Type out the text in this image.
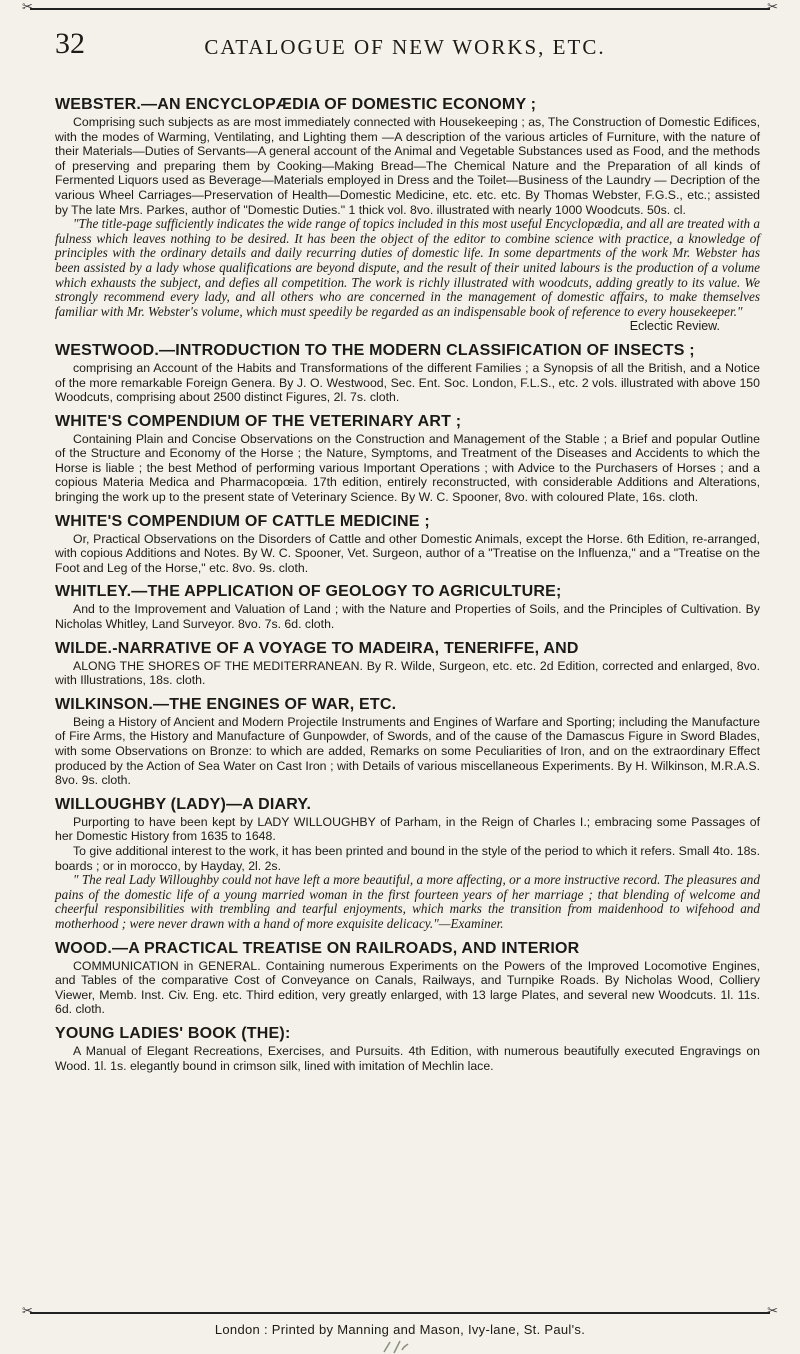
✂	✂
32	CATALOGUE OF NEW WORKS, ETC.
WEBSTER.—AN ENCYCLOPÆDIA OF DOMESTIC ECONOMY ;
Comprising such subjects as are most immediately connected with Housekeeping ; as, The Construction of Domestic Edifices, with the modes of Warming, Ventilating, and Lighting them —A description of the various articles of Furniture, with the nature of their Materials—Duties of Servants—A general account of the Animal and Vegetable Substances used as Food, and the methods of preserving and preparing them by Cooking—Making Bread—The Chemical Nature and the Preparation of all kinds of Fermented Liquors used as Beverage—Materials employed in Dress and the Toilet—Business of the Laundry — Decription of the various Wheel Carriages—Preservation of Health—Domestic Medicine, etc. etc. etc. By Thomas Webster, F.G.S., etc.; assisted by The late Mrs. Parkes, author of "Domestic Duties." 1 thick vol. 8vo. illustrated with nearly 1000 Woodcuts. 50s. cl.
"The title-page sufficiently indicates the wide range of topics included in this most useful Encyclopædia, and all are treated with a fulness which leaves nothing to be desired. It has been the object of the editor to combine science with practice, a knowledge of principles with the ordinary details and daily recurring duties of domestic life. In some departments of the work Mr. Webster has been assisted by a lady whose qualifications are beyond dispute, and the result of their united labours is the production of a volume which exhausts the subject, and defies all competition. The work is richly illustrated with woodcuts, adding greatly to its value. We strongly recommend every lady, and all others who are concerned in the management of domestic affairs, to make themselves familiar with Mr. Webster's volume, which must speedily be regarded as an indispensable book of reference to every housekeeper."
Eclectic Review.
WESTWOOD.—INTRODUCTION TO THE MODERN CLASSIFICATION OF INSECTS ;
comprising an Account of the Habits and Transformations of the different Families ; a Synopsis of all the British, and a Notice of the more remarkable Foreign Genera. By J. O. Westwood, Sec. Ent. Soc. London, F.L.S., etc. 2 vols. illustrated with above 150 Woodcuts, comprising about 2500 distinct Figures, 2l. 7s. cloth.
WHITE'S COMPENDIUM OF THE VETERINARY ART ;
Containing Plain and Concise Observations on the Construction and Management of the Stable ; a Brief and popular Outline of the Structure and Economy of the Horse ; the Nature, Symptoms, and Treatment of the Diseases and Accidents to which the Horse is liable ; the best Method of performing various Important Operations ; with Advice to the Purchasers of Horses ; and a copious Materia Medica and Pharmacopœia. 17th edition, entirely reconstructed, with considerable Additions and Alterations, bringing the work up to the present state of Veterinary Science. By W. C. Spooner, 8vo. with coloured Plate, 16s. cloth.
WHITE'S COMPENDIUM OF CATTLE MEDICINE ;
Or, Practical Observations on the Disorders of Cattle and other Domestic Animals, except the Horse. 6th Edition, re-arranged, with copious Additions and Notes. By W. C. Spooner, Vet. Surgeon, author of a "Treatise on the Influenza," and a "Treatise on the Foot and Leg of the Horse," etc. 8vo. 9s. cloth.
WHITLEY.—THE APPLICATION OF GEOLOGY TO AGRICULTURE;
And to the Improvement and Valuation of Land ; with the Nature and Properties of Soils, and the Principles of Cultivation. By Nicholas Whitley, Land Surveyor. 8vo. 7s. 6d. cloth.
WILDE.-NARRATIVE OF A VOYAGE TO MADEIRA, TENERIFFE, AND
ALONG THE SHORES OF THE MEDITERRANEAN. By R. Wilde, Surgeon, etc. etc. 2d Edition, corrected and enlarged, 8vo. with Illustrations, 18s. cloth.
WILKINSON.—THE ENGINES OF WAR, ETC.
Being a History of Ancient and Modern Projectile Instruments and Engines of Warfare and Sporting; including the Manufacture of Fire Arms, the History and Manufacture of Gunpowder, of Swords, and of the cause of the Damascus Figure in Sword Blades, with some Observations on Bronze: to which are added, Remarks on some Peculiarities of Iron, and on the extraordinary Effect produced by the Action of Sea Water on Cast Iron ; with Details of various miscellaneous Experiments. By H. Wilkinson, M.R.A.S. 8vo. 9s. cloth.
WILLOUGHBY (LADY)—A DIARY.
Purporting to have been kept by LADY WILLOUGHBY of Parham, in the Reign of Charles I.; embracing some Passages of her Domestic History from 1635 to 1648.
To give additional interest to the work, it has been printed and bound in the style of the period to which it refers. Small 4to. 18s. boards ; or in morocco, by Hayday, 2l. 2s.
" The real Lady Willoughby could not have left a more beautiful, a more affecting, or a more instructive record. The pleasures and pains of the domestic life of a young married woman in the first fourteen years of her marriage ; that blending of welcome and cheerful responsibilities with trembling and tearful enjoyments, which marks the transition from maidenhood to wifehood and motherhood ; were never drawn with a hand of more exquisite delicacy."—Examiner.
WOOD.—A PRACTICAL TREATISE ON RAILROADS, AND INTERIOR
COMMUNICATION in GENERAL. Containing numerous Experiments on the Powers of the Improved Locomotive Engines, and Tables of the comparative Cost of Conveyance on Canals, Railways, and Turnpike Roads. By Nicholas Wood, Colliery Viewer, Memb. Inst. Civ. Eng. etc. Third edition, very greatly enlarged, with 13 large Plates, and several new Woodcuts. 1l. 11s. 6d. cloth.
YOUNG LADIES' BOOK (THE):
A Manual of Elegant Recreations, Exercises, and Pursuits. 4th Edition, with numerous beautifully executed Engravings on Wood. 1l. 1s. elegantly bound in crimson silk, lined with imitation of Mechlin lace.
✂	✂
London : Printed by Manning and Mason, Ivy-lane, St. Paul's.
